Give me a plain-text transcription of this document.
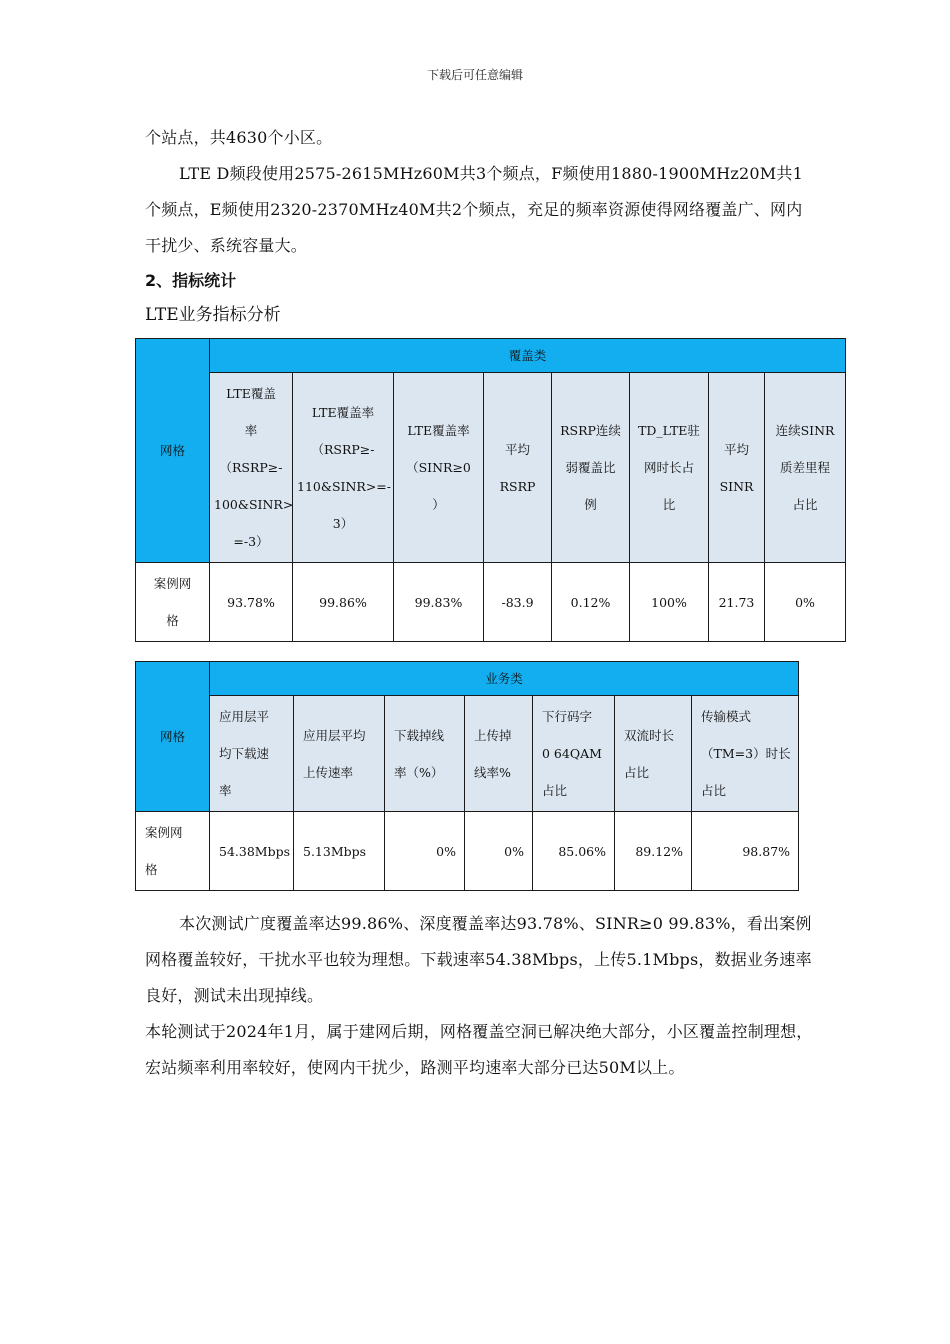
下载后可任意编辑

个站点，共4630个小区。

LTE D频段使用2575-2615MHz60M共3个频点，F频使用1880-1900MHz20M共1个频点，E频使用2320-2370MHz40M共2个频点，充足的频率资源使得网络覆盖广、网内干扰少、系统容量大。

2、指标统计
LTE业务指标分析
网格	覆盖类							
	LTE覆盖
率
（RSRP≥-
100&SINR>
=-3）	LTE覆盖率
（RSRP≥-
110&SINR>=-
3）	LTE覆盖率
（SINR≥0
）	平均
RSRP	RSRP连续
弱覆盖比
例	TD_LTE驻
网时长占
比	平均
SINR	连续SINR
质差里程
占比
案例网
格	93.78%	99.86%	99.83%	-83.9	0.12%	100%	21.73	0%
网格	业务类						
	应用层平
均下载速
率	应用层平均
上传速率	下载掉线
率（%）	上传掉
线率%	下行码字
0 64QAM
占比	双流时长
占比	传输模式
（TM=3）时长
占比
案例网
格	54.38Mbps	5.13Mbps	0%	0%	85.06%	89.12%	98.87%

本次测试广度覆盖率达99.86%、深度覆盖率达93.78%、SINR≥0 99.83%，看出案例网格覆盖较好，干扰水平也较为理想。下载速率54.38Mbps，上传5.1Mbps，数据业务速率良好，测试未出现掉线。

本轮测试于2024年1月，属于建网后期，网格覆盖空洞已解决绝大部分，小区覆盖控制理想，宏站频率利用率较好，使网内干扰少，路测平均速率大部分已达50M以上。
